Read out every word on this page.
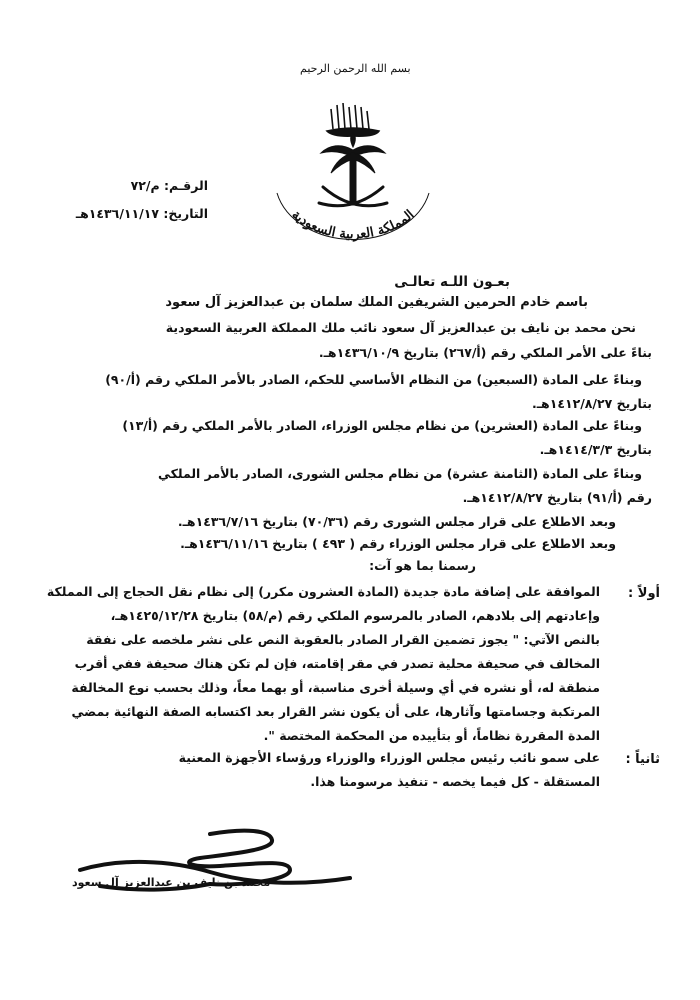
بسم الله الرحمن الرحيم
المملكة العربية السعودية
الرقـم: م/٧٢
التاريخ: ١٤٣٦/١١/١٧هـ
بعـون اللـه تعالـى
باسم خادم الحرمين الشريفين الملك سلمان بن عبدالعزيز آل سعود
نحن محمد بن نايف بن عبدالعزيز آل سعود نائب ملك المملكة العربية السعودية
بناءً على الأمر الملكي رقم (أ/٢٦٧) بتاريخ ١٤٣٦/١٠/٩هـ.
وبناءً على المادة (السبعين) من النظام الأساسي للحكم، الصادر بالأمر الملكي رقم (أ/٩٠)
بتاريخ ١٤١٢/٨/٢٧هـ.
وبناءً على المادة (العشرين) من نظام مجلس الوزراء، الصادر بالأمر الملكي رقم (أ/١٣)
بتاريخ ١٤١٤/٣/٣هـ.
وبناءً على المادة (الثامنة عشرة) من نظام مجلس الشورى، الصادر بالأمر الملكي
رقم (أ/٩١) بتاريخ ١٤١٢/٨/٢٧هـ.
وبعد الاطلاع على قرار مجلس الشورى رقم (٧٠/٣٦) بتاريخ ١٤٣٦/٧/١٦هـ.
وبعد الاطلاع على قرار مجلس الوزراء رقم ( ٤٩٣ ) بتاريخ ١٤٣٦/١١/١٦هـ.
رسمنا بما هو آت:
أولاً :
الموافقة على إضافة مادة جديدة (المادة العشرون مكرر) إلى نظام نقل الحجاج إلى المملكة
وإعادتهم إلى بلادهم، الصادر بالمرسوم الملكي رقم (م/٥٨) بتاريخ ١٤٢٥/١٢/٢٨هـ،
بالنص الآتي: " يجوز تضمين القرار الصادر بالعقوبة النص على نشر ملخصه على نفقة
المخالف في صحيفة محلية تصدر في مقر إقامته، فإن لم تكن هناك صحيفة ففي أقرب
منطقة له، أو نشره في أي وسيلة أخرى مناسبة، أو بهما معاً، وذلك بحسب نوع المخالفة
المرتكبة وجسامتها وآثارها، على أن يكون نشر القرار بعد اكتسابه الصفة النهائية بمضي
المدة المقررة نظاماً، أو بتأييده من المحكمة المختصة ".
ثانياً :
على سمو نائب رئيس مجلس الوزراء والوزراء ورؤساء الأجهزة المعنية
المستقلة - كل فيما يخصه - تنفيذ مرسومنا هذا.
محمد بن نايف بن عبدالعزيز آل سعود
